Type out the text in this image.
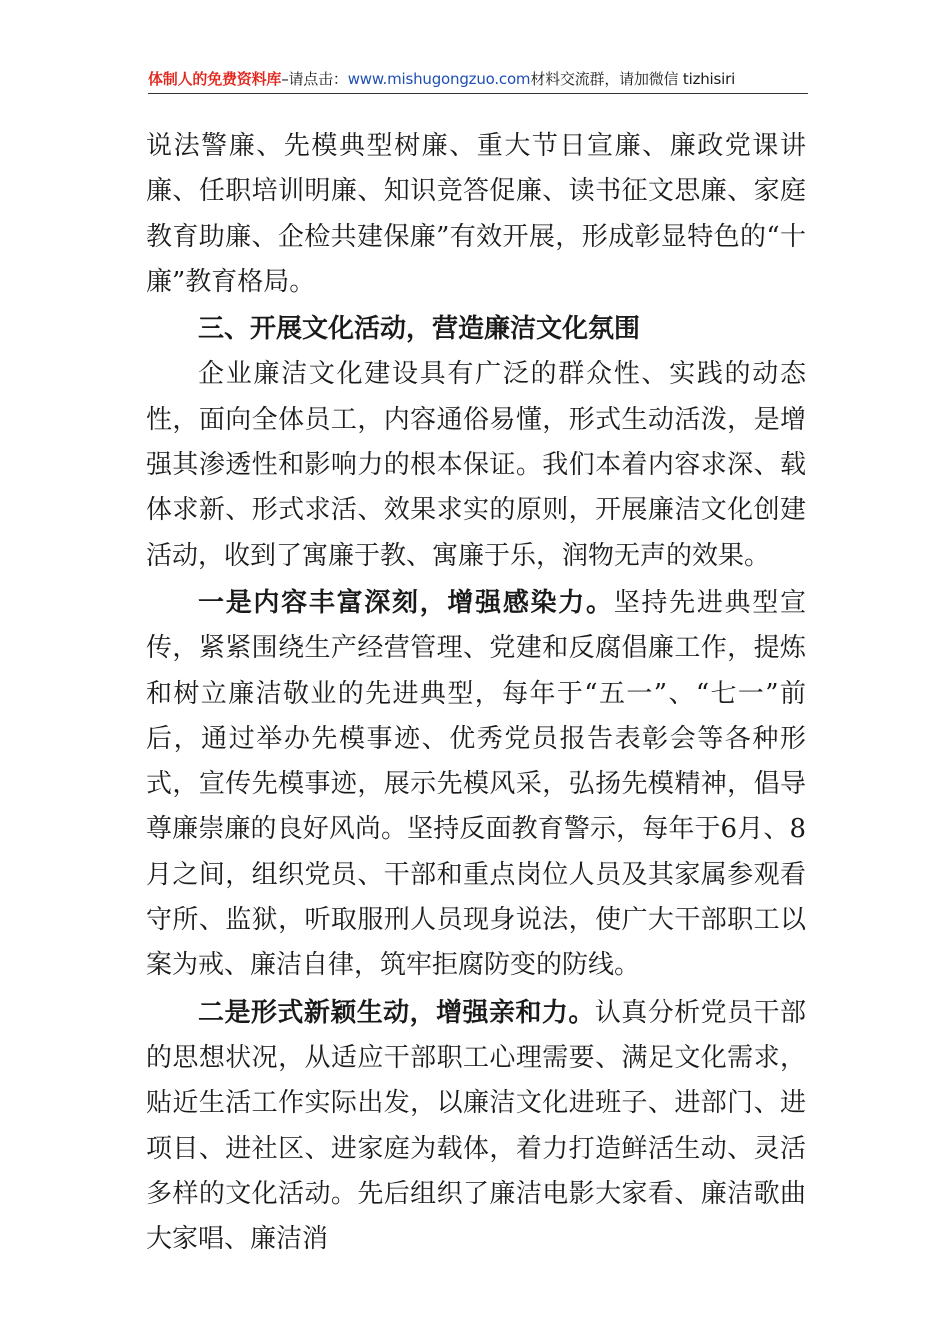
体制人的免费资料库–请点击：www.mishugongzuo.com材料交流群，请加微信 tizhisiri

说法警廉、先模典型树廉、重大节日宣廉、廉政党课讲廉、任职培训明廉、知识竞答促廉、读书征文思廉、家庭教育助廉、企检共建保廉”有效开展，形成彰显特色的“十廉”教育格局。

三、开展文化活动，营造廉洁文化氛围

企业廉洁文化建设具有广泛的群众性、实践的动态性，面向全体员工，内容通俗易懂，形式生动活泼，是增强其渗透性和影响力的根本保证。我们本着内容求深、载体求新、形式求活、效果求实的原则，开展廉洁文化创建活动，收到了寓廉于教、寓廉于乐，润物无声的效果。

一是内容丰富深刻，增强感染力。坚持先进典型宣传，紧紧围绕生产经营管理、党建和反腐倡廉工作，提炼和树立廉洁敬业的先进典型，每年于“五一”、“七一”前后，通过举办先模事迹、优秀党员报告表彰会等各种形式，宣传先模事迹，展示先模风采，弘扬先模精神，倡导尊廉崇廉的良好风尚。坚持反面教育警示，每年于6月、8月之间，组织党员、干部和重点岗位人员及其家属参观看守所、监狱，听取服刑人员现身说法，使广大干部职工以案为戒、廉洁自律，筑牢拒腐防变的防线。

二是形式新颖生动，增强亲和力。认真分析党员干部的思想状况，从适应干部职工心理需要、满足文化需求，贴近生活工作实际出发，以廉洁文化进班子、进部门、进项目、进社区、进家庭为载体，着力打造鲜活生动、灵活多样的文化活动。先后组织了廉洁电影大家看、廉洁歌曲大家唱、廉洁消
